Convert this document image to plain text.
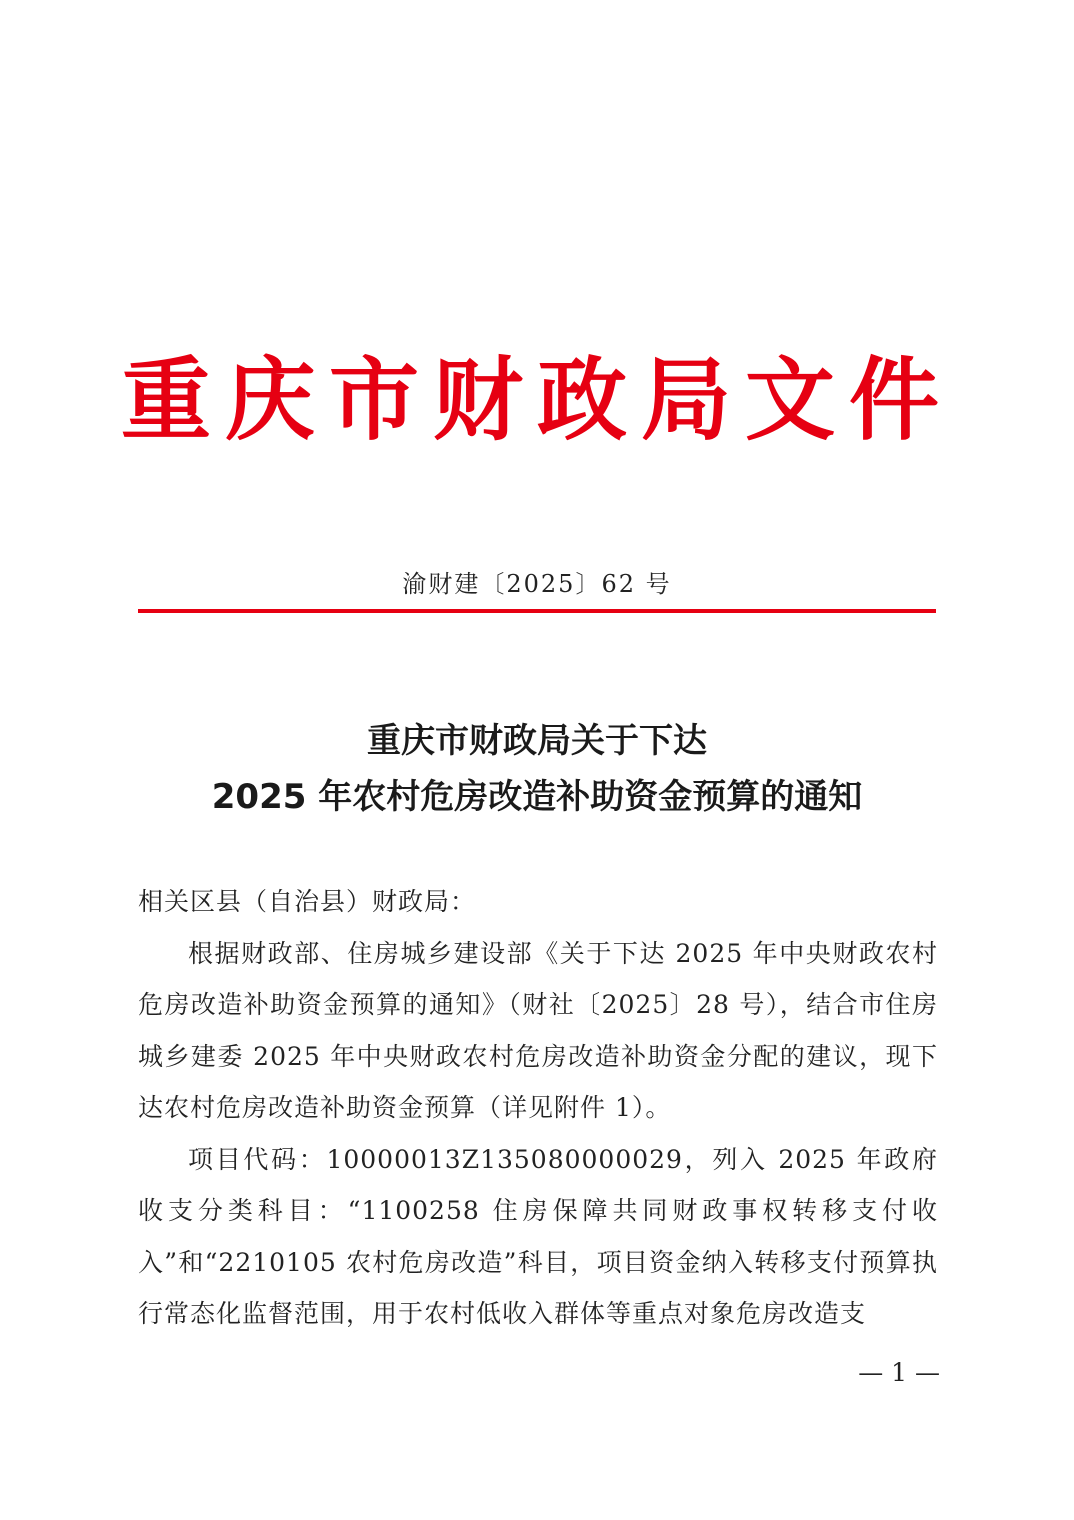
重庆市财政局文件
渝财建〔2025〕62 号
重庆市财政局关于下达
2025 年农村危房改造补助资金预算的通知

相关区县（自治县）财政局：

根据财政部、住房城乡建设部《关于下达 2025 年中央财政农村危房改造补助资金预算的通知》（财社〔2025〕28 号），结合市住房城乡建委 2025 年中央财政农村危房改造补助资金分配的建议，现下达农村危房改造补助资金预算（详见附件 1）。

项目代码：10000013Z135080000029，列入 2025 年政府收支分类科目：“1100258 住房保障共同财政事权转移支付收入”和“2210105 农村危房改造”科目，项目资金纳入转移支付预算执行常态化监督范围，用于农村低收入群体等重点对象危房改造支

— 1 —
